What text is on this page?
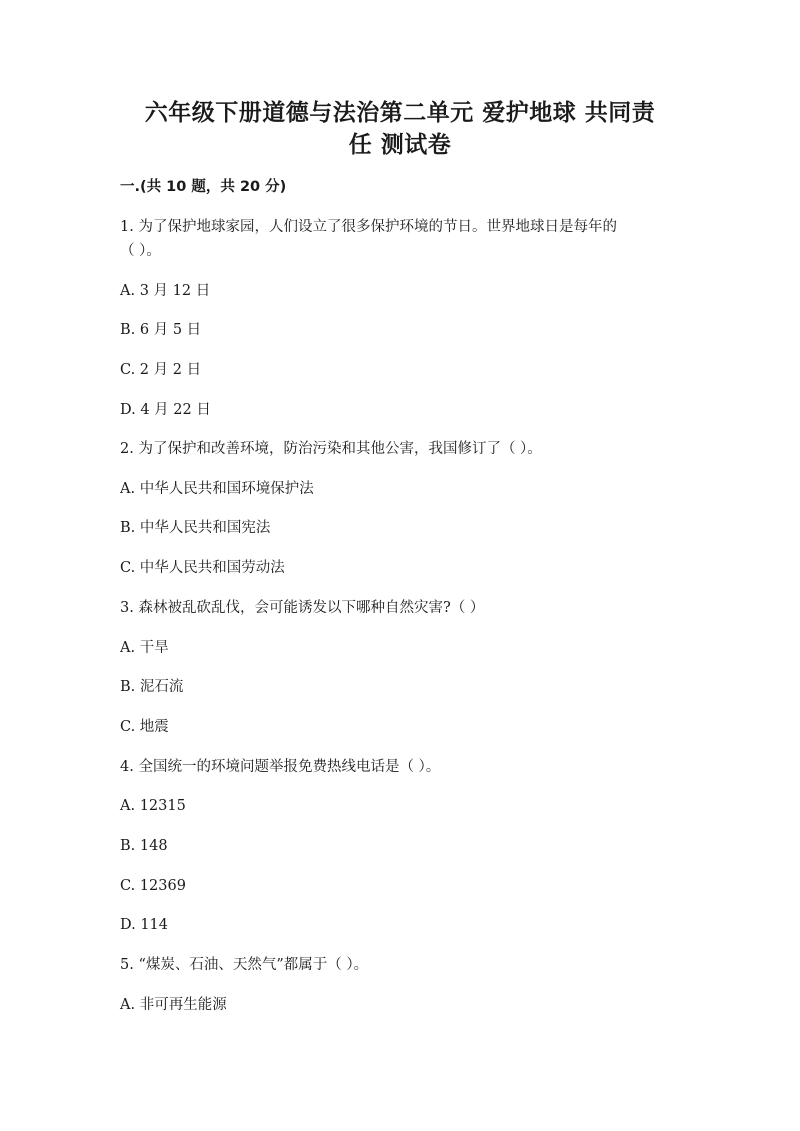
六年级下册道德与法治第二单元 爱护地球 共同责
任 测试卷
一.(共 10 题，共 20 分)
1. 为了保护地球家园，人们设立了很多保护环境的节日。世界地球日是每年的
（ ）。
A. 3 月 12 日
B. 6 月 5 日
C. 2 月 2 日
D. 4 月 22 日
2. 为了保护和改善环境，防治污染和其他公害，我国修订了（ ）。
A. 中华人民共和国环境保护法
B. 中华人民共和国宪法
C. 中华人民共和国劳动法
3. 森林被乱砍乱伐，会可能诱发以下哪种自然灾害?（ ）
A. 干旱
B. 泥石流
C. 地震
4. 全国统一的环境问题举报免费热线电话是（ ）。
A. 12315
B. 148
C. 12369
D. 114
5. “煤炭、石油、天然气”都属于（ ）。
A. 非可再生能源
